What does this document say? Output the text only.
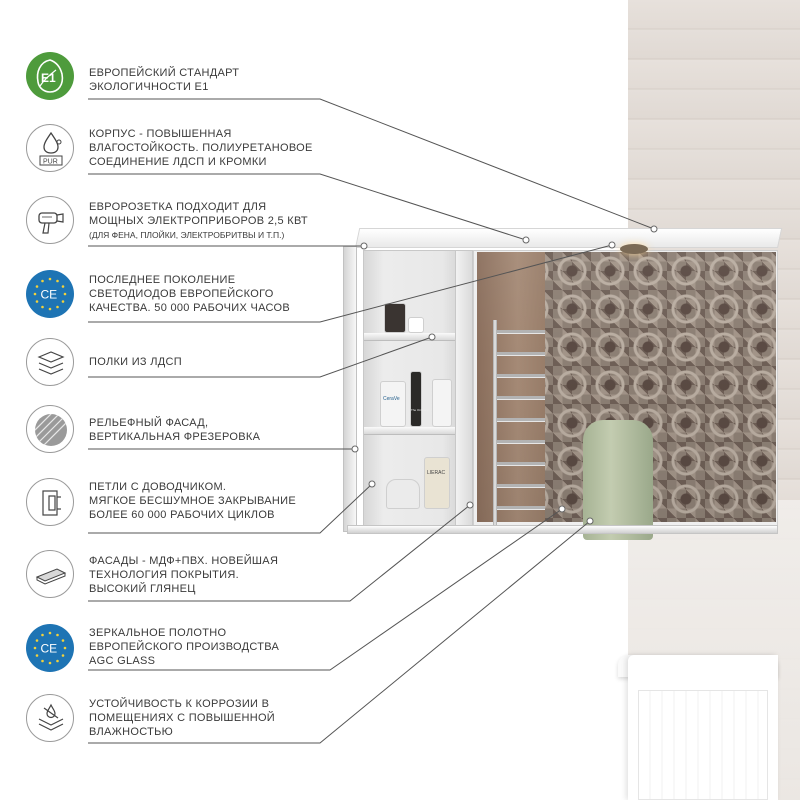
CeraVe
The Ordinary
LIERAC
E1	ЕВРОПЕЙСКИЙ СТАНДАРТ
ЭКОЛОГИЧНОСТИ E1
PUR
КОРПУС - ПОВЫШЕННАЯ
ВЛАГОСТОЙКОСТЬ. ПОЛИУРЕТАНОВОЕ
СОЕДИНЕНИЕ ЛДСП И КРОМКИ
ЕВРОРОЗЕТКА ПОДХОДИТ ДЛЯ
МОЩНЫХ ЭЛЕКТРОПРИБОРОВ 2,5 КВТ
(ДЛЯ ФЕНА, ПЛОЙКИ, ЭЛЕКТРОБРИТВЫ И Т.П.)
CE
ПОСЛЕДНЕЕ ПОКОЛЕНИЕ
СВЕТОДИОДОВ ЕВРОПЕЙСКОГО
КАЧЕСТВА. 50 000 РАБОЧИХ ЧАСОВ
ПОЛКИ ИЗ ЛДСП
РЕЛЬЕФНЫЙ ФАСАД,
ВЕРТИКАЛЬНАЯ ФРЕЗЕРОВКА
ПЕТЛИ С ДОВОДЧИКОМ.
МЯГКОЕ БЕСШУМНОЕ ЗАКРЫВАНИЕ
БОЛЕЕ 60 000 РАБОЧИХ ЦИКЛОВ
ФАСАДЫ - МДФ+ПВХ. НОВЕЙШАЯ
ТЕХНОЛОГИЯ ПОКРЫТИЯ.
ВЫСОКИЙ ГЛЯНЕЦ
CE
ЗЕРКАЛЬНОЕ ПОЛОТНО
ЕВРОПЕЙСКОГО ПРОИЗВОДСТВА
AGC GLASS
УСТОЙЧИВОСТЬ К КОРРОЗИИ В
ПОМЕЩЕНИЯХ С ПОВЫШЕННОЙ
ВЛАЖНОСТЬЮ
